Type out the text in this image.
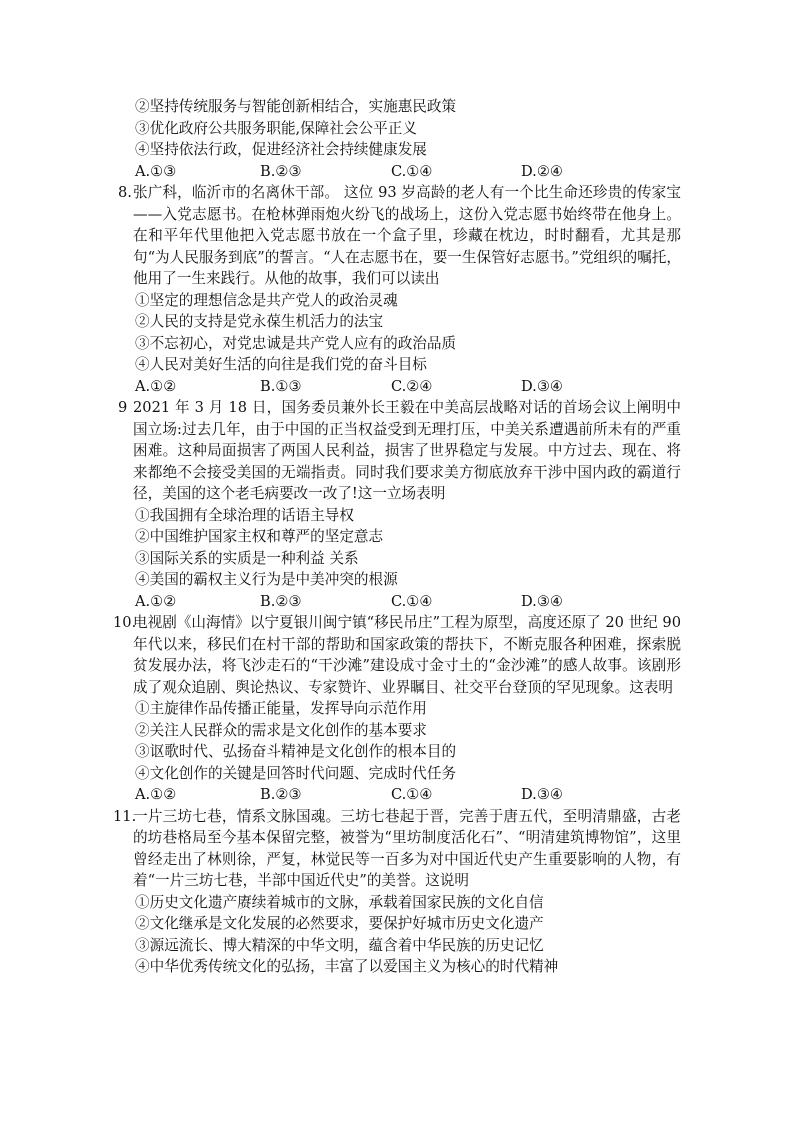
②坚持传统服务与智能创新相结合，实施惠民政策
③优化政府公共服务职能,保障社会公平正义
④坚持依法行政，促进经济社会持续健康发展
A.①③	B.②③	C.①④	D.②④
8. 张广科，临沂市的名离休干部。 这位 93 岁高龄的老人有一个比生命还珍贵的传家宝——入党志愿书。在枪林弹雨炮火纷飞的战场上，这份入党志愿书始终带在他身上。在和平年代里他把入党志愿书放在一个盒子里，珍藏在枕边，时时翻看，尤其是那句“为人民服务到底”的誓言。“人在志愿书在，要一生保管好志愿书。”党组织的嘱托，他用了一生来践行。从他的故事，我们可以读出
①坚定的理想信念是共产党人的政治灵魂
②人民的支持是党永葆生机活力的法宝
③不忘初心，对党忠诚是共产党人应有的政治品质
④人民对美好生活的向往是我们党的奋斗目标
A.①②	B.①③	C.②④	D.③④
9 2021 年 3 月 18 日，国务委员兼外长王毅在中美高层战略对话的首场会议上阐明中国立场:过去几年，由于中国的正当权益受到无理打压，中美关系遭遇前所未有的严重困难。这种局面损害了两国人民利益，损害了世界稳定与发展。中方过去、现在、将来都绝不会接受美国的无端指责。同时我们要求美方彻底放弃干涉中国内政的霸道行径，美国的这个老毛病要改一改了!这一立场表明
①我国拥有全球治理的话语主导权
②中国维护国家主权和尊严的坚定意志
③国际关系的实质是一种利益 关系
④美国的霸权主义行为是中美冲突的根源
A.①②	B.②③	C.①④	D.③④
10.
电视剧《山海情》以宁夏银川闽宁镇“移民吊庄”工程为原型，高度还原了 20 世纪 90 年代以来，移民们在村干部的帮助和国家政策的帮扶下，不断克服各种困难，探索脱贫发展办法，将飞沙走石的“干沙滩”建设成寸金寸土的“金沙滩”的感人故事。该剧形成了观众追剧、舆论热议、专家赞许、业界瞩目、社交平台登顶的罕见现象。这表明
①主旋律作品传播正能量，发挥导向示范作用
②关注人民群众的需求是文化创作的基本要求
③讴歌时代、弘扬奋斗精神是文化创作的根本目的
④文化创作的关键是回答时代问题、完成时代任务
A.①②	B.②③	C.①④	D.③④
11.
一片三坊七巷，情系文脉国魂。三坊七巷起于晋，完善于唐五代，至明清鼎盛，古老的坊巷格局至今基本保留完整，被誉为“里坊制度活化石”、“明清建筑博物馆”，这里曾经走出了林则徐，严复，林觉民等一百多为对中国近代史产生重要影响的人物，有着“一片三坊七巷，半部中国近代史”的美誉。这说明
①历史文化遗产赓续着城市的文脉，承载着国家民族的文化自信
②文化继承是文化发展的必然要求，要保护好城市历史文化遗产
③源远流长、博大精深的中华文明，蕴含着中华民族的历史记忆
④中华优秀传统文化的弘扬，丰富了以爱国主义为核心的时代精神
